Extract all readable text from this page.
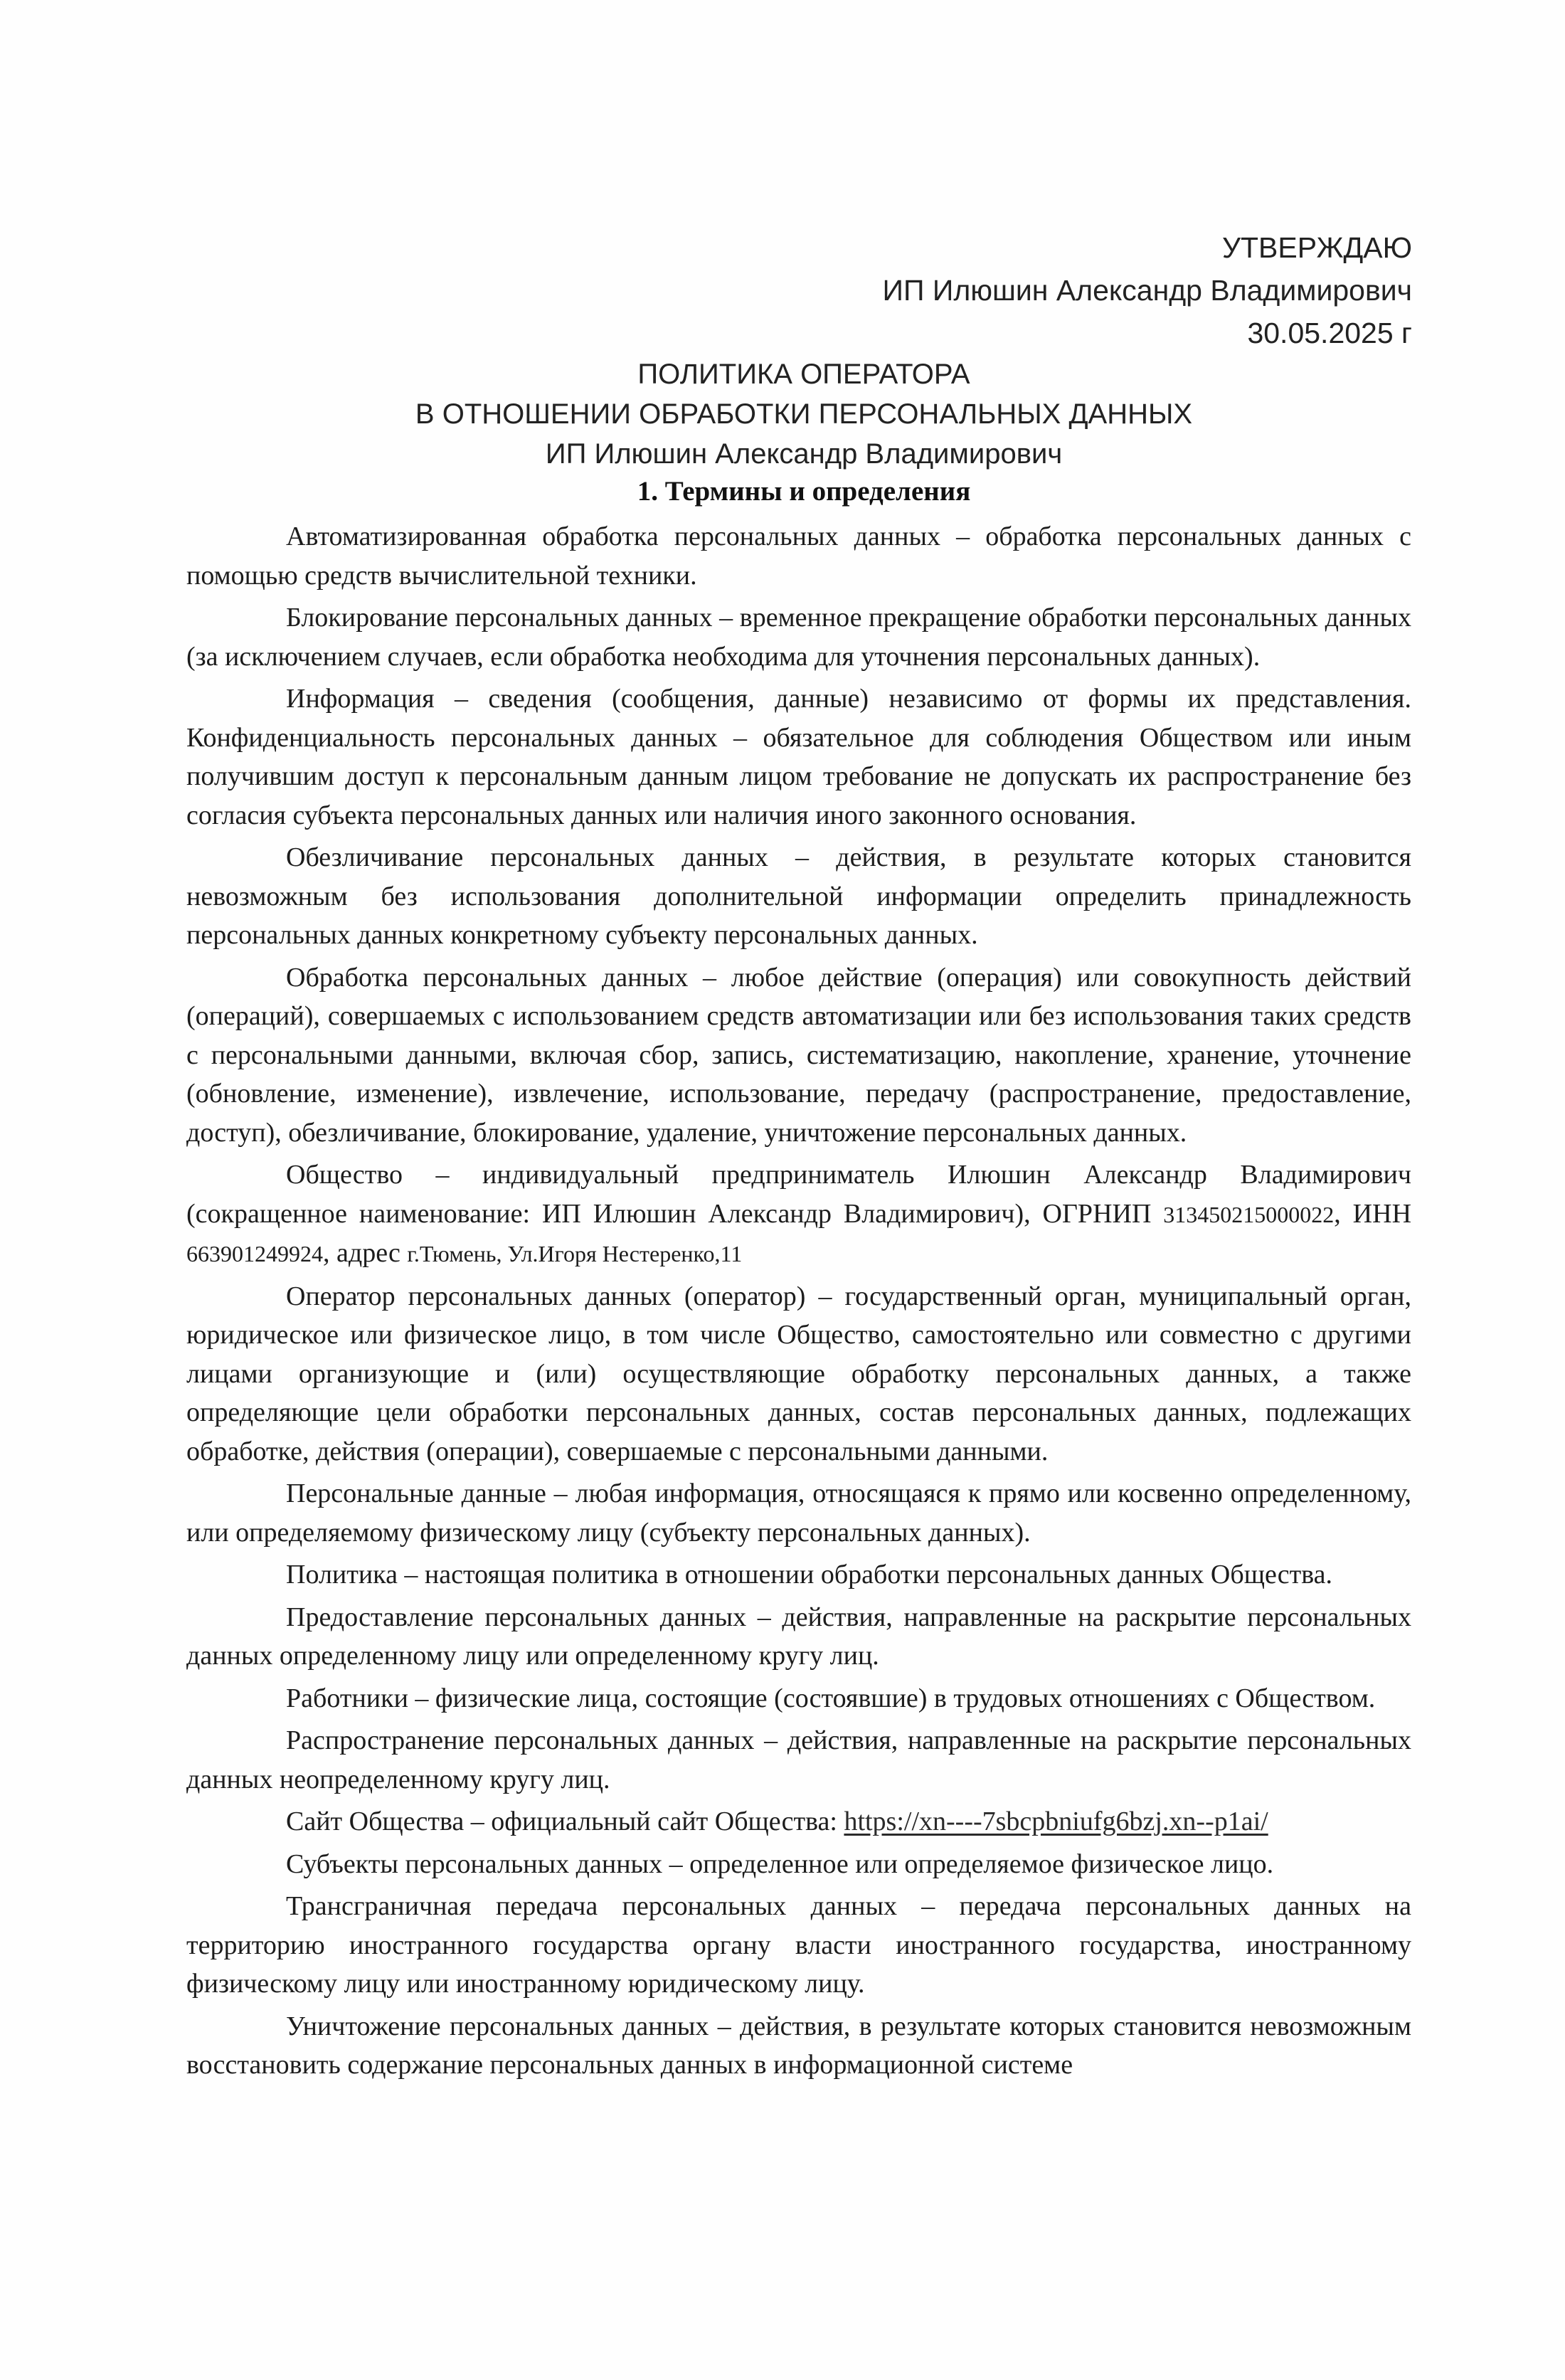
УТВЕРЖДАЮ
ИП Илюшин Александр Владимирович
30.05.2025 г
ПОЛИТИКА ОПЕРАТОРА
В ОТНОШЕНИИ ОБРАБОТКИ ПЕРСОНАЛЬНЫХ ДАННЫХ
ИП Илюшин Александр Владимирович
1. Термины и определения

Автоматизированная обработка персональных данных – обработка персональных данных с помощью средств вычислительной техники.

Блокирование персональных данных – временное прекращение обработки персональных данных (за исключением случаев, если обработка необходима для уточнения персональных данных).

Информация – сведения (сообщения, данные) независимо от формы их представления. Конфиденциальность персональных данных – обязательное для соблюдения Обществом или иным получившим доступ к персональным данным лицом требование не допускать их распространение без согласия субъекта персональных данных или наличия иного законного основания.

Обезличивание персональных данных – действия, в результате которых становится невозможным без использования дополнительной информации определить принадлежность персональных данных конкретному субъекту персональных данных.

Обработка персональных данных – любое действие (операция) или совокупность действий (операций), совершаемых с использованием средств автоматизации или без использования таких средств с персональными данными, включая сбор, запись, систематизацию, накопление, хранение, уточнение (обновление, изменение), извлечение, использование, передачу (распространение, предоставление, доступ), обезличивание, блокирование, удаление, уничтожение персональных данных.

Общество – индивидуальный предприниматель Илюшин Александр Владимирович (сокращенное наименование: ИП Илюшин Александр Владимирович), ОГРНИП 313450215000022, ИНН 663901249924, адрес г.Тюмень, Ул.Игоря Нестеренко,11

Оператор персональных данных (оператор) – государственный орган, муниципальный орган, юридическое или физическое лицо, в том числе Общество, самостоятельно или совместно с другими лицами организующие и (или) осуществляющие обработку персональных данных, а также определяющие цели обработки персональных данных, состав персональных данных, подлежащих обработке, действия (операции), совершаемые с персональными данными.

Персональные данные – любая информация, относящаяся к прямо или косвенно определенному, или определяемому физическому лицу (субъекту персональных данных).

Политика – настоящая политика в отношении обработки персональных данных Общества.

Предоставление персональных данных – действия, направленные на раскрытие персональных данных определенному лицу или определенному кругу лиц.

Работники – физические лица, состоящие (состоявшие) в трудовых отношениях с Обществом.

Распространение персональных данных – действия, направленные на раскрытие персональных данных неопределенному кругу лиц.

Сайт Общества – официальный сайт Общества: https://xn----7sbcpbniufg6bzj.xn--p1ai/

Субъекты персональных данных – определенное или определяемое физическое лицо.

Трансграничная передача персональных данных – передача персональных данных на территорию иностранного государства органу власти иностранного государства, иностранному физическому лицу или иностранному юридическому лицу.

Уничтожение персональных данных – действия, в результате которых становится невозможным восстановить содержание персональных данных в информационной системе
